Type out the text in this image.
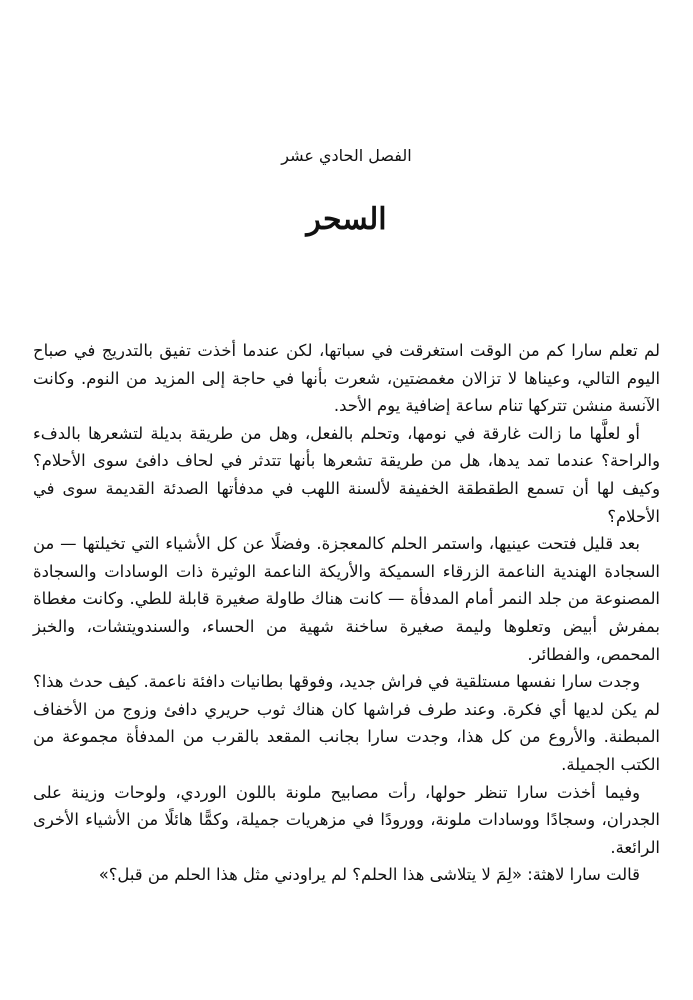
الفصل الحادي عشر
السحر

لم تعلم سارا كم من الوقت استغرقت في سباتها، لكن عندما أخذت تفيق بالتدريج في صباح اليوم التالي، وعيناها لا تزالان مغمضتين، شعرت بأنها في حاجة إلى المزيد من النوم. وكانت الآنسة منشن تتركها تنام ساعة إضافية يوم الأحد.

أو لعلَّها ما زالت غارقة في نومها، وتحلم بالفعل، وهل من طريقة بديلة لتشعرها بالدفء والراحة؟ عندما تمد يدها، هل من طريقة تشعرها بأنها تتدثر في لحاف دافئ سوى الأحلام؟ وكيف لها أن تسمع الطقطقة الخفيفة لألسنة اللهب في مدفأتها الصدئة القديمة سوى في الأحلام؟

بعد قليل فتحت عينيها، واستمر الحلم كالمعجزة. وفضلًا عن كل الأشياء التي تخيلتها — من السجادة الهندية الناعمة الزرقاء السميكة والأريكة الناعمة الوثيرة ذات الوسادات والسجادة المصنوعة من جلد النمر أمام المدفأة — كانت هناك طاولة صغيرة قابلة للطي. وكانت مغطاة بمفرش أبيض وتعلوها وليمة صغيرة ساخنة شهية من الحساء، والسندويتشات، والخبز المحمص، والفطائر.

وجدت سارا نفسها مستلقية في فراش جديد، وفوقها بطانيات دافئة ناعمة. كيف حدث هذا؟ لم يكن لديها أي فكرة. وعند طرف فراشها كان هناك ثوب حريري دافئ وزوج من الأخفاف المبطنة. والأروع من كل هذا، وجدت سارا بجانب المقعد بالقرب من المدفأة مجموعة من الكتب الجميلة.

وفيما أخذت سارا تنظر حولها، رأت مصابيح ملونة باللون الوردي، ولوحات وزينة على الجدران، وسجادًا ووسادات ملونة، وورودًا في مزهريات جميلة، وكمًّا هائلًا من الأشياء الأخرى الرائعة.

قالت سارا لاهثة: «لِمَ لا يتلاشى هذا الحلم؟ لم يراودني مثل هذا الحلم من قبل؟»
